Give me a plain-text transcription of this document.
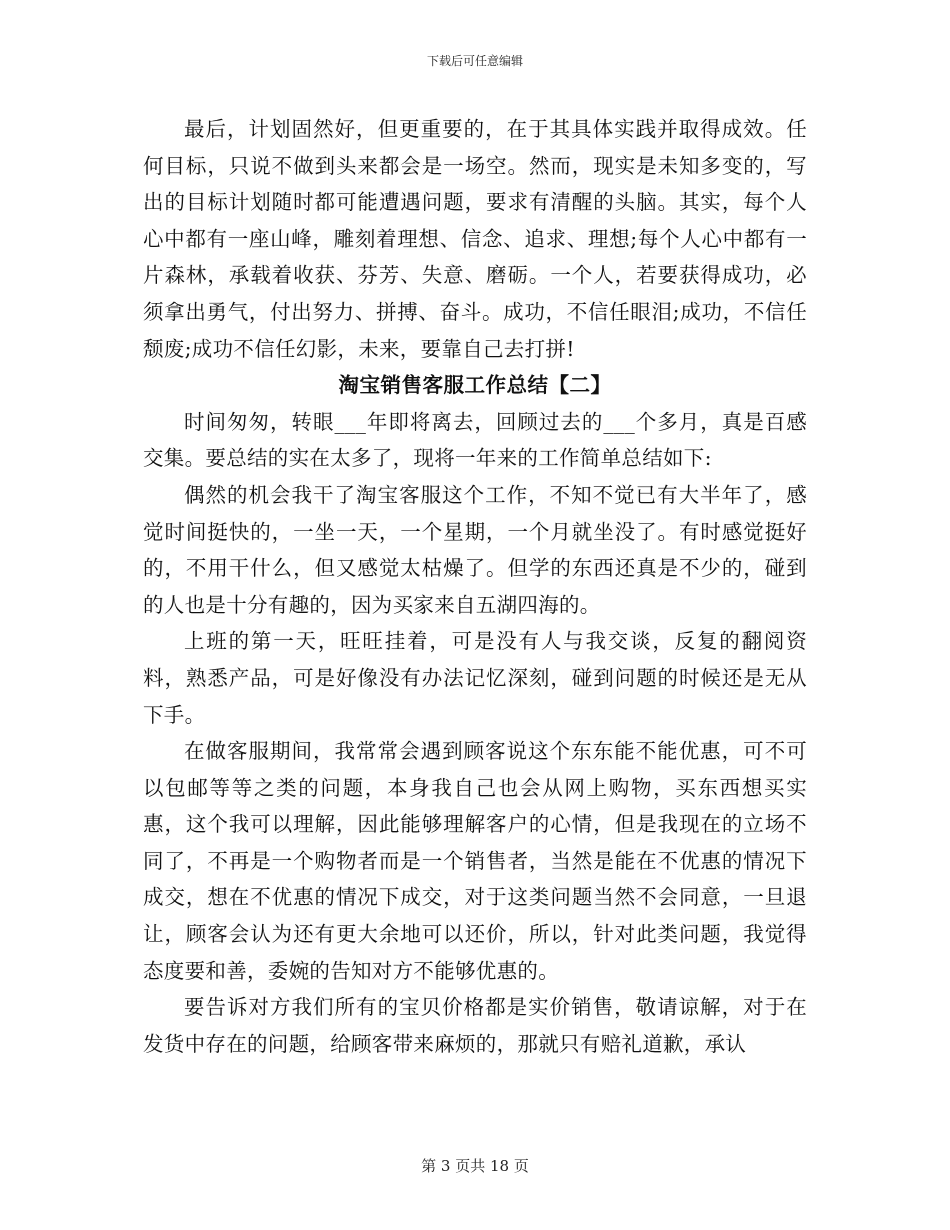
下载后可任意编辑

最后，计划固然好，但更重要的，在于其具体实践并取得成效。任何目标，只说不做到头来都会是一场空。然而，现实是未知多变的，写出的目标计划随时都可能遭遇问题，要求有清醒的头脑。其实，每个人心中都有一座山峰，雕刻着理想、信念、追求、理想;每个人心中都有一片森林，承载着收获、芬芳、失意、磨砺。一个人，若要获得成功，必须拿出勇气，付出努力、拼搏、奋斗。成功，不信任眼泪;成功，不信任颓废;成功不信任幻影，未来，要靠自己去打拼!

淘宝销售客服工作总结【二】

时间匆匆，转眼___年即将离去，回顾过去的___个多月，真是百感交集。要总结的实在太多了，现将一年来的工作简单总结如下:

偶然的机会我干了淘宝客服这个工作，不知不觉已有大半年了，感觉时间挺快的，一坐一天，一个星期，一个月就坐没了。有时感觉挺好的，不用干什么，但又感觉太枯燥了。但学的东西还真是不少的，碰到的人也是十分有趣的，因为买家来自五湖四海的。

上班的第一天，旺旺挂着，可是没有人与我交谈，反复的翻阅资料，熟悉产品，可是好像没有办法记忆深刻，碰到问题的时候还是无从下手。

在做客服期间，我常常会遇到顾客说这个东东能不能优惠，可不可以包邮等等之类的问题，本身我自己也会从网上购物，买东西想买实惠，这个我可以理解，因此能够理解客户的心情，但是我现在的立场不同了，不再是一个购物者而是一个销售者，当然是能在不优惠的情况下成交，想在不优惠的情况下成交，对于这类问题当然不会同意，一旦退让，顾客会认为还有更大余地可以还价，所以，针对此类问题，我觉得态度要和善，委婉的告知对方不能够优惠的。

要告诉对方我们所有的宝贝价格都是实价销售，敬请谅解，对于在发货中存在的问题，给顾客带来麻烦的，那就只有赔礼道歉，承认

第 3 页共 18 页
